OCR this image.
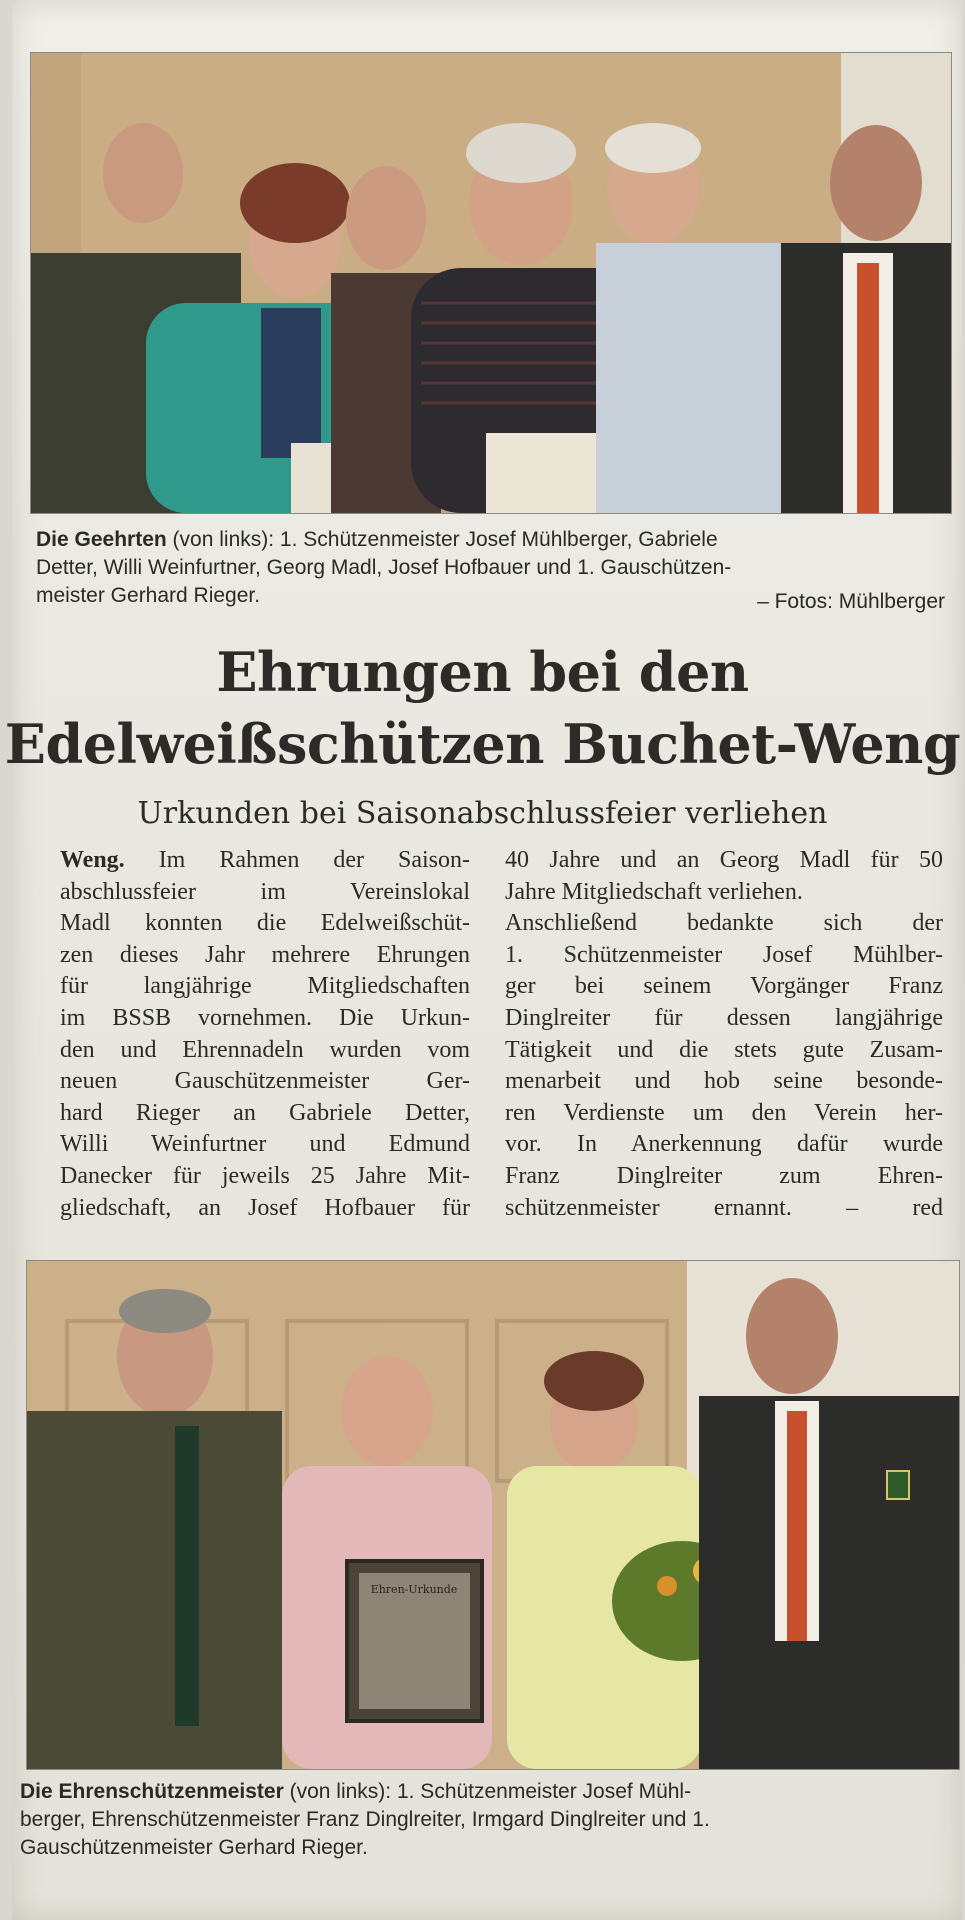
Die Geehrten (von links): 1. Schützenmeister Josef Mühlberger, Gabriele
Detter, Willi Weinfurtner, Georg Madl, Josef Hofbauer und 1. Gauschützen-
meister Gerhard Rieger.	– Fotos: Mühlberger
Ehrungen bei den
Edelweißschützen Buchet-Weng
Urkunden bei Saisonabschlussfeier verliehen
Weng. Im Rahmen der Saison-
abschlussfeier im Vereinslokal
Madl konnten die Edelweißschüt-
zen dieses Jahr mehrere Ehrungen
für langjährige Mitgliedschaften
im BSSB vornehmen. Die Urkun-
den und Ehrennadeln wurden vom
neuen Gauschützenmeister Ger-
hard Rieger an Gabriele Detter,
Willi Weinfurtner und Edmund
Danecker für jeweils 25 Jahre Mit-
gliedschaft, an Josef Hofbauer für
40 Jahre und an Georg Madl für 50
Jahre Mitgliedschaft verliehen.
Anschließend bedankte sich der
1. Schützenmeister Josef Mühlber-
ger bei seinem Vorgänger Franz
Dinglreiter für dessen langjährige
Tätigkeit und die stets gute Zusam-
menarbeit und hob seine besonde-
ren Verdienste um den Verein her-
vor. In Anerkennung dafür wurde
Franz Dinglreiter zum Ehren-
schützenmeister ernannt. – red
Ehren-Urkunde
Die Ehrenschützenmeister (von links): 1. Schützenmeister Josef Mühl-
berger, Ehrenschützenmeister Franz Dinglreiter, Irmgard Dinglreiter und 1.
Gauschützenmeister Gerhard Rieger.
